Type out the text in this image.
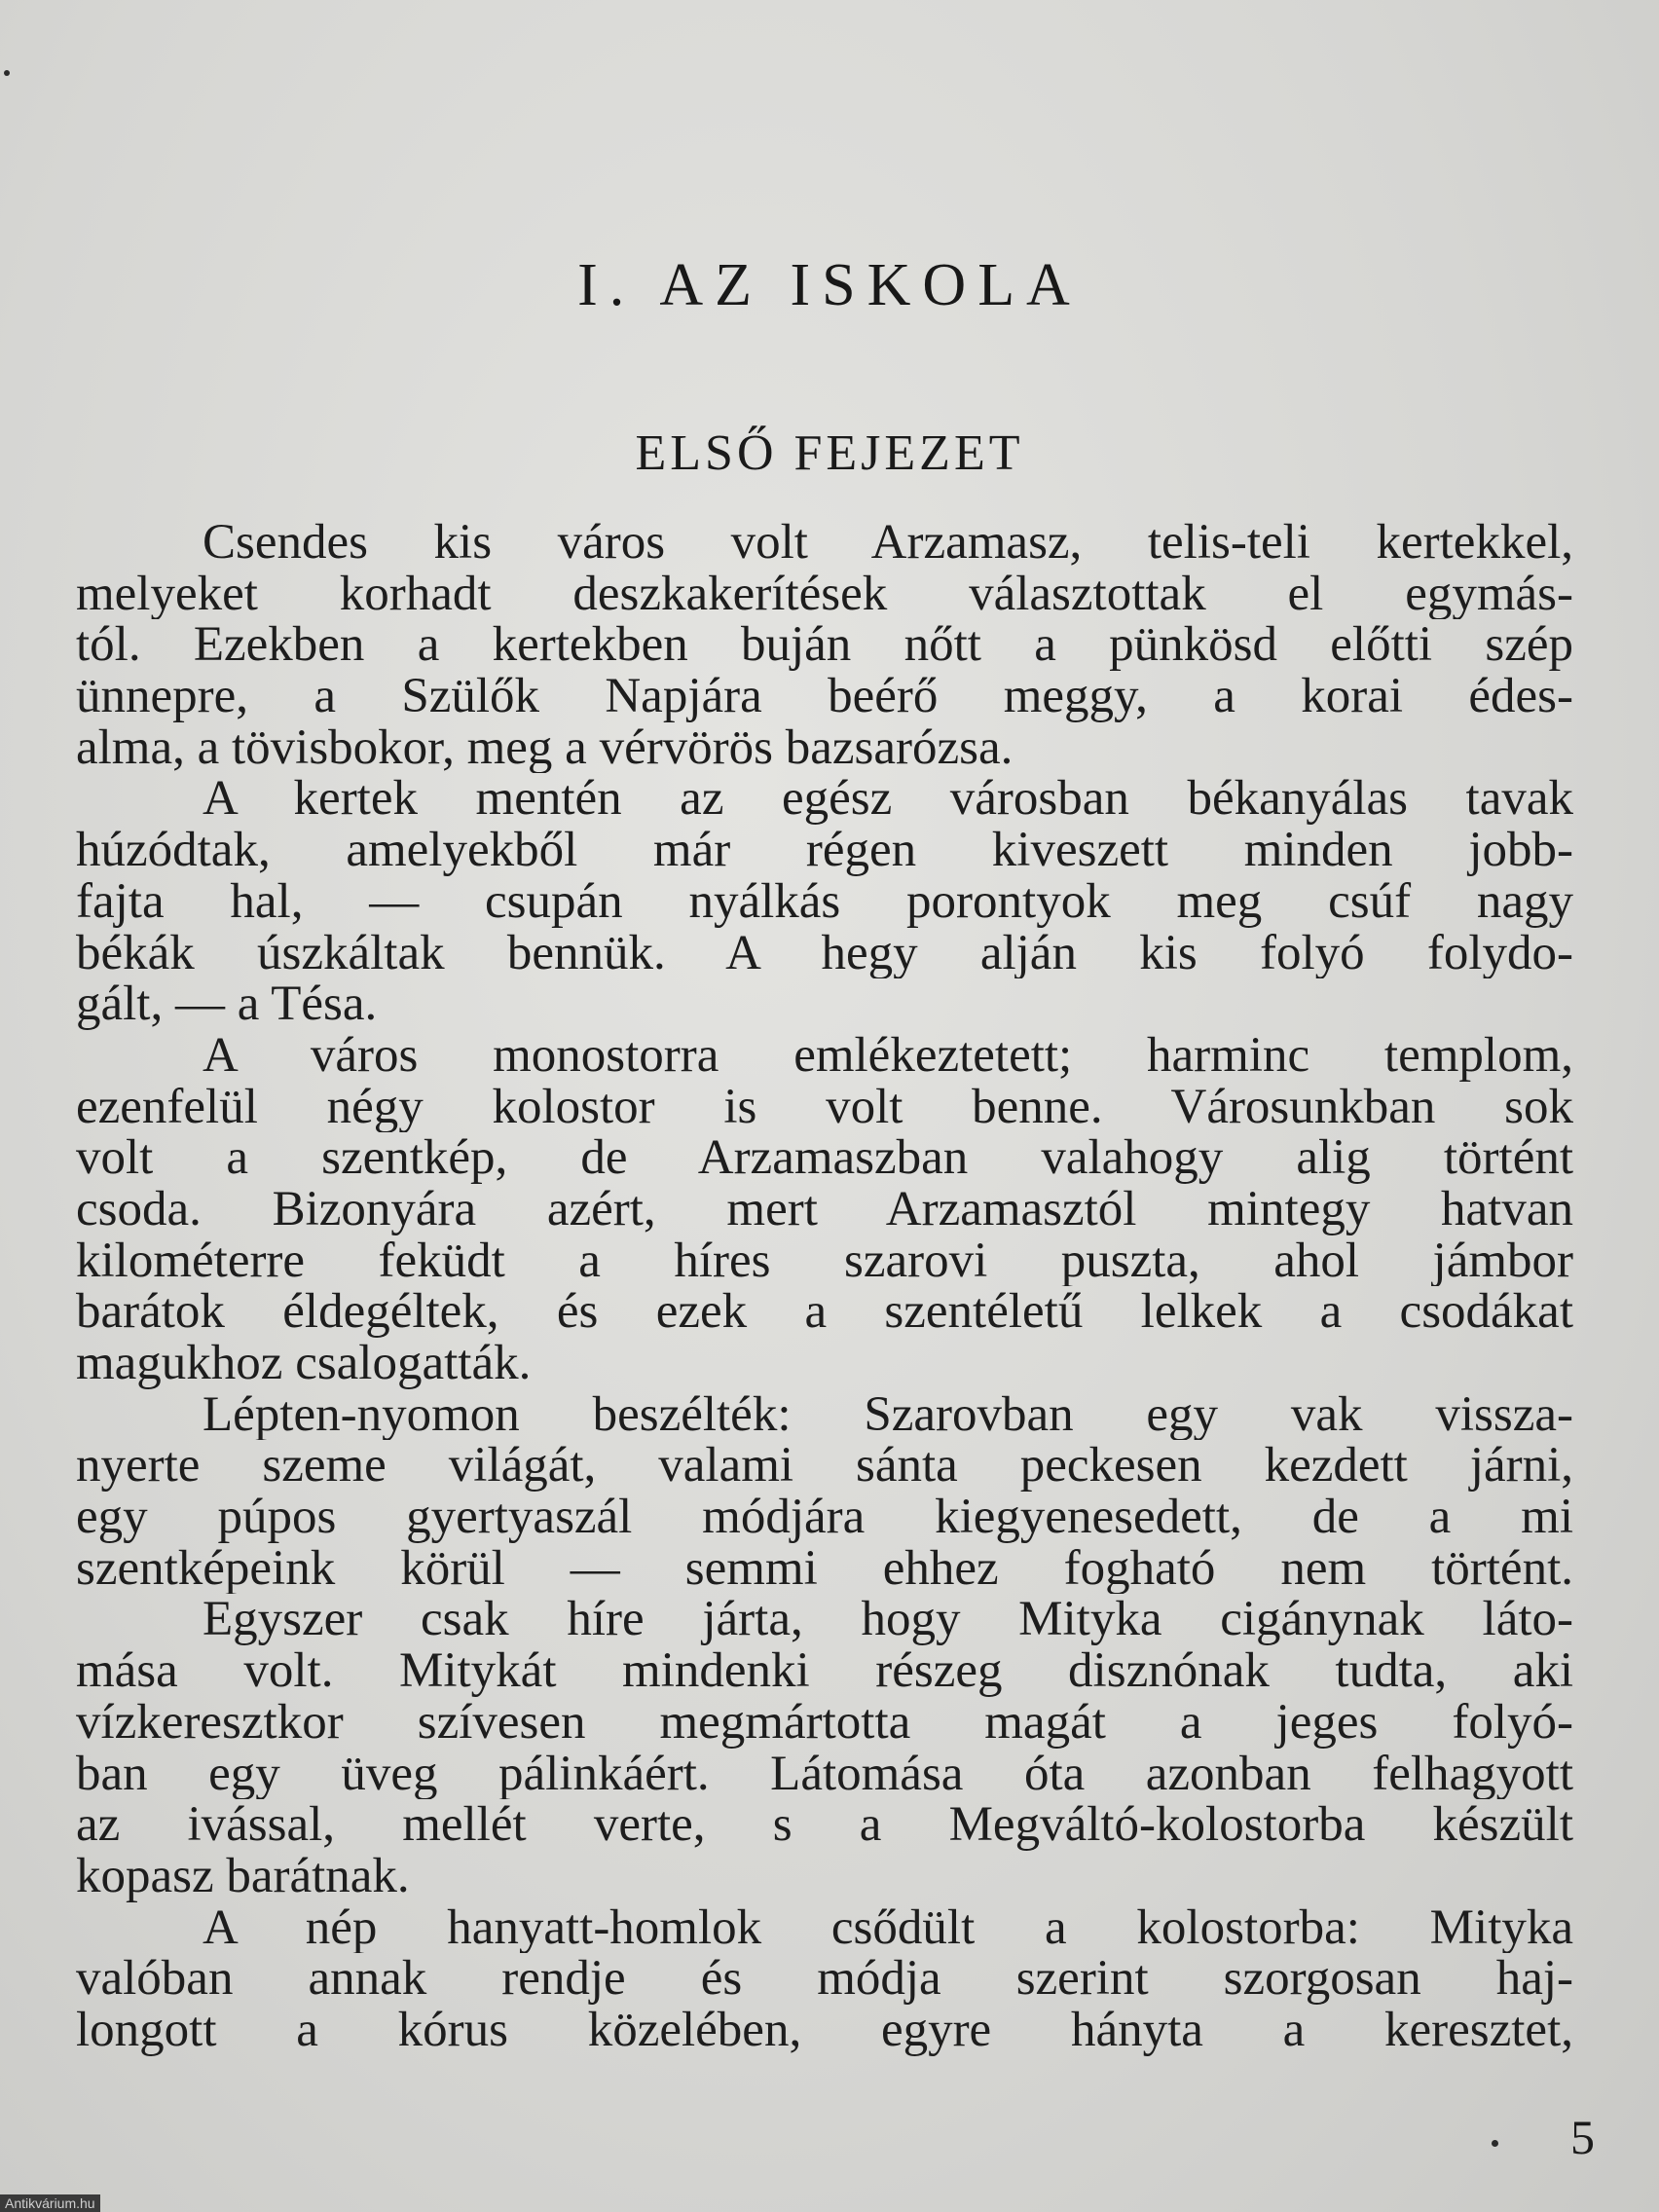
I. AZ ISKOLA
ELSŐ FEJEZET
Csendes kis város volt Arzamasz, telis-teli kertekkel,
melyeket korhadt deszkakerítések választottak el egymás-
tól. Ezekben a kertekben buján nőtt a pünkösd előtti szép
ünnepre, a Szülők Napjára beérő meggy, a korai édes-
alma, a tövisbokor, meg a vérvörös bazsarózsa.
A kertek mentén az egész városban békanyálas tavak
húzódtak, amelyekből már régen kiveszett minden jobb-
fajta hal, — csupán nyálkás porontyok meg csúf nagy
békák úszkáltak bennük. A hegy alján kis folyó folydo-
gált, — a Tésa.
A város monostorra emlékeztetett; harminc templom,
ezenfelül négy kolostor is volt benne. Városunkban sok
volt a szentkép, de Arzamaszban valahogy alig történt
csoda. Bizonyára azért, mert Arzamasztól mintegy hatvan
kilométerre feküdt a híres szarovi puszta, ahol jámbor
barátok éldegéltek, és ezek a szentéletű lelkek a csodákat
magukhoz csalogatták.
Lépten-nyomon beszélték: Szarovban egy vak vissza-
nyerte szeme világát, valami sánta peckesen kezdett járni,
egy púpos gyertyaszál módjára kiegyenesedett, de a mi
szentképeink körül — semmi ehhez fogható nem történt.
Egyszer csak híre járta, hogy Mityka cigánynak láto-
mása volt. Mitykát mindenki részeg disznónak tudta, aki
vízkeresztkor szívesen megmártotta magát a jeges folyó-
ban egy üveg pálinkáért. Látomása óta azonban felhagyott
az ivással, mellét verte, s a Megváltó-kolostorba készült
kopasz barátnak.
A nép hanyatt-homlok csődült a kolostorba: Mityka
valóban annak rendje és módja szerint szorgosan haj-
longott a kórus közelében, egyre hányta a keresztet,
5
Antikvárium.hu
